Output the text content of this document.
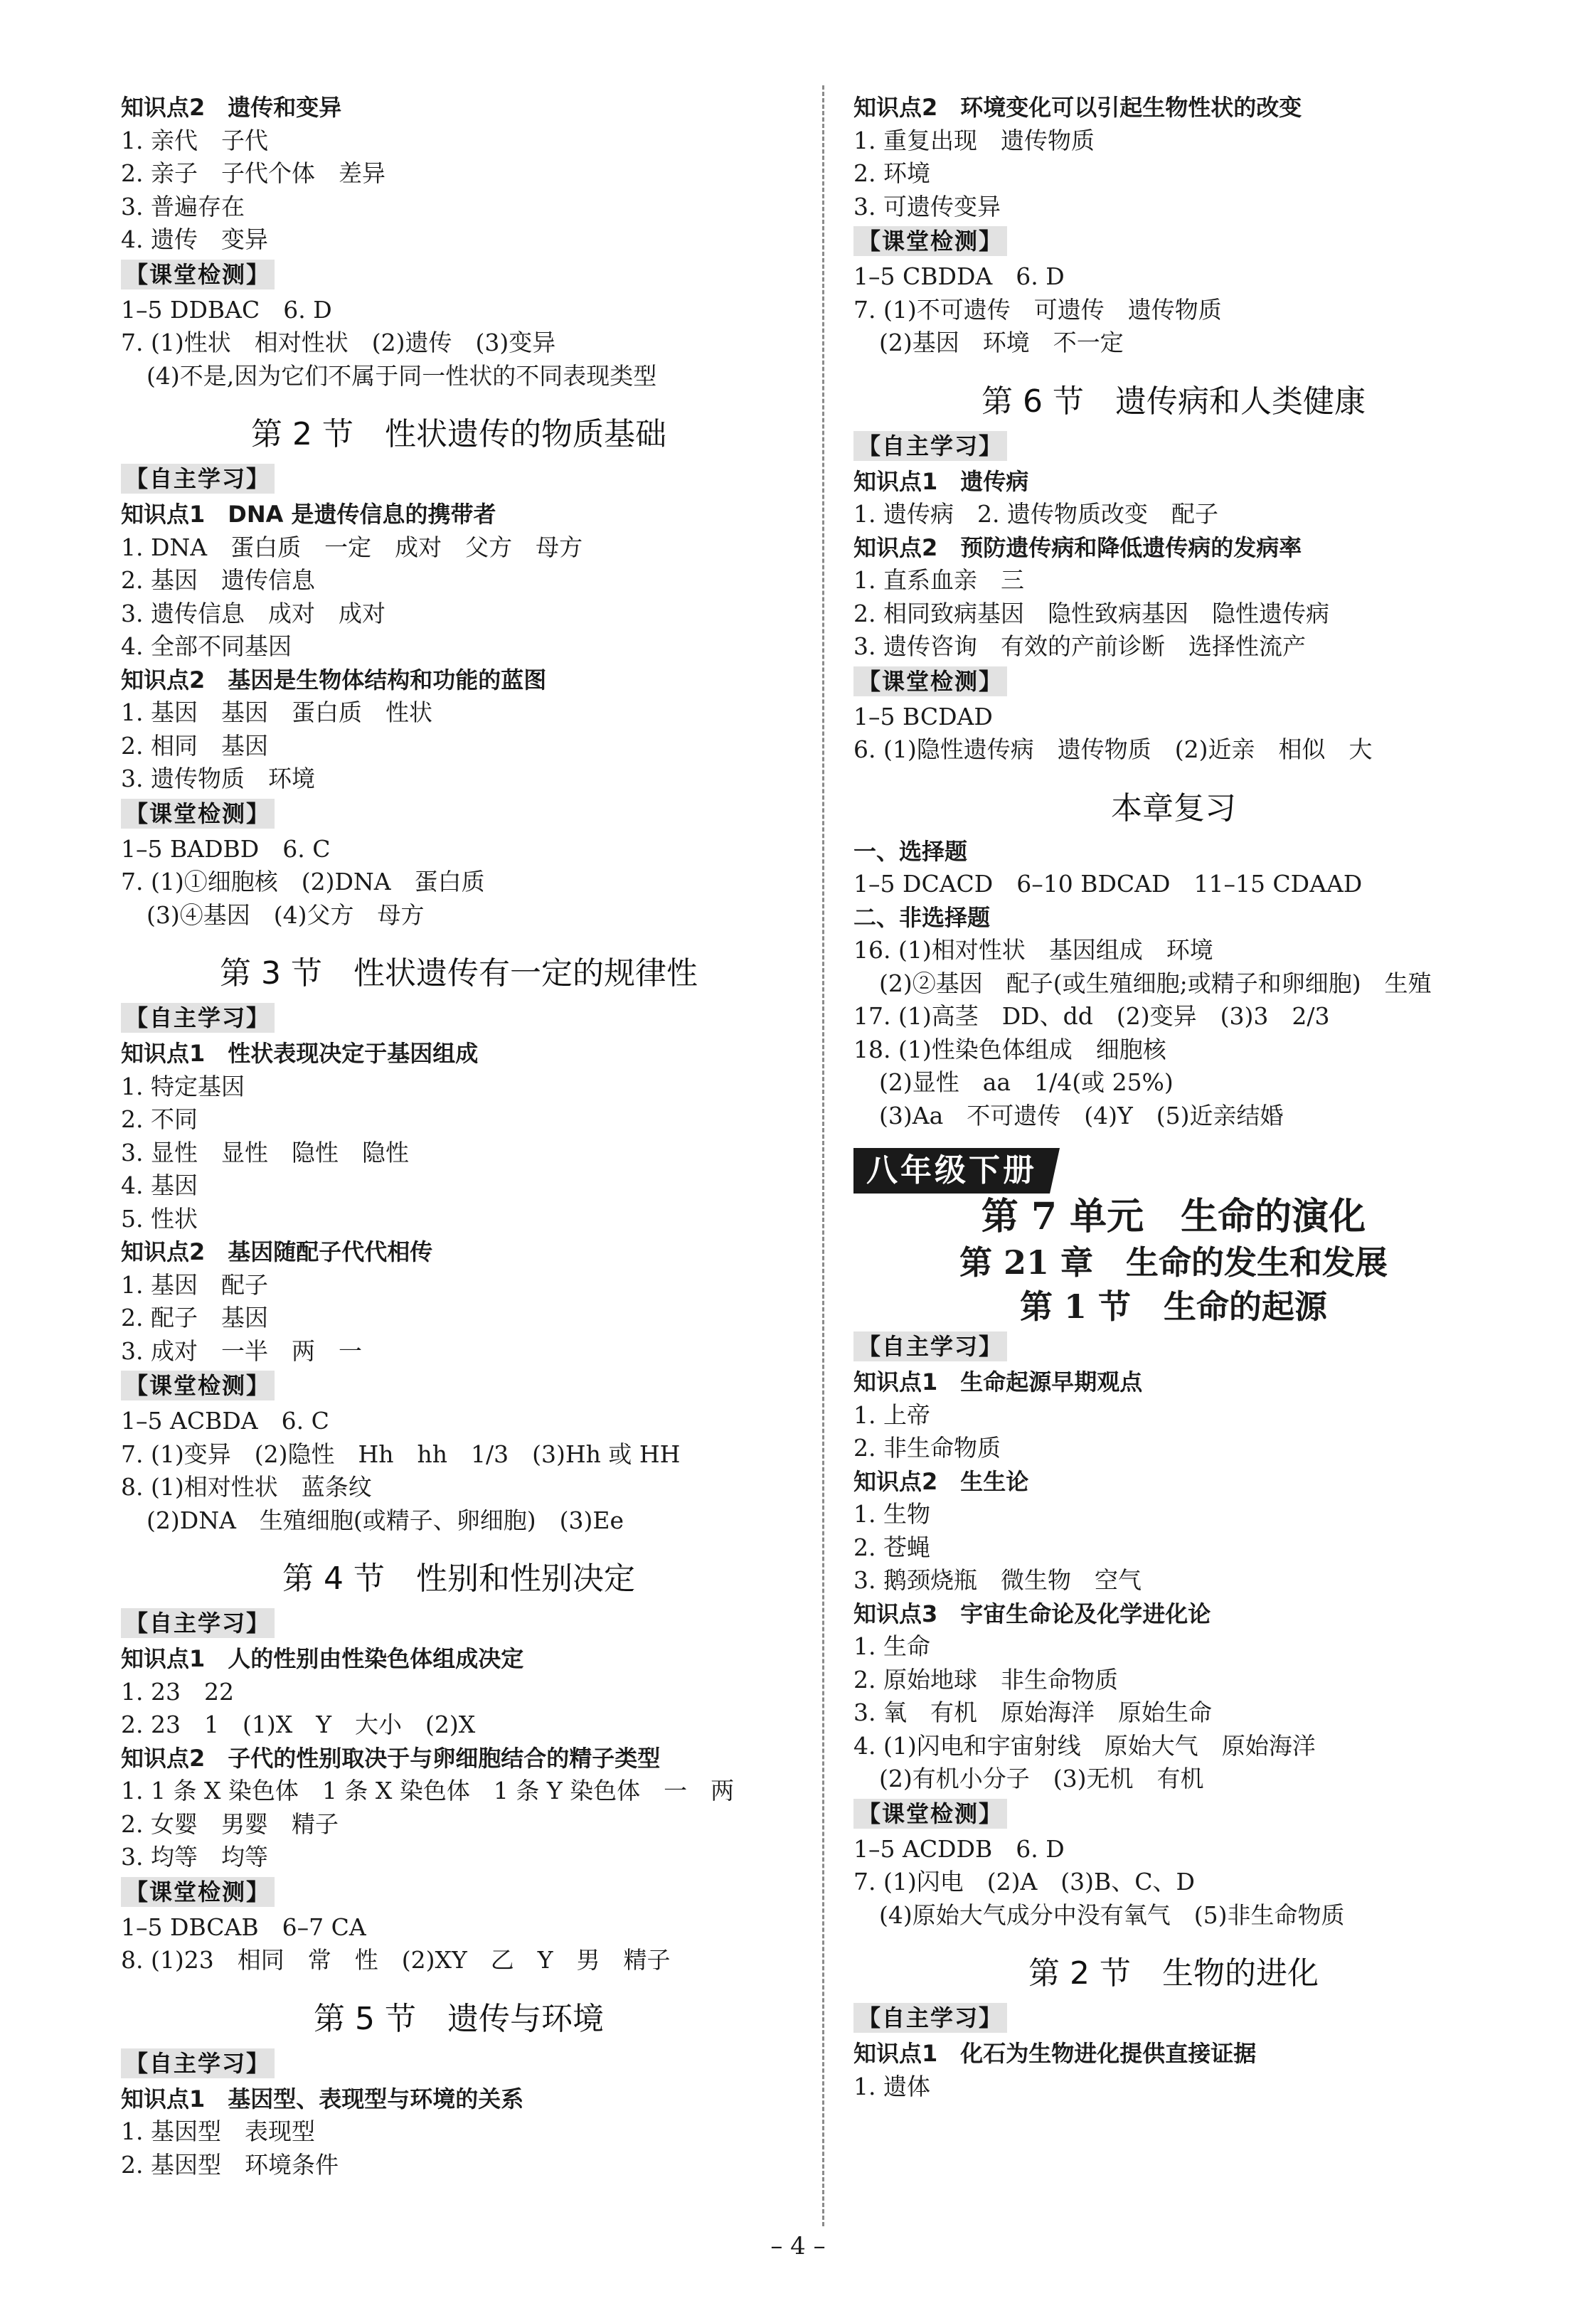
知识点2　遗传和变异
1. 亲代　子代
2. 亲子　子代个体　差异
3. 普遍存在
4. 遗传　变异
【课堂检测】
1–5 DDBAC　6. D
7. (1)性状　相对性状　(2)遗传　(3)变异
(4)不是,因为它们不属于同一性状的不同表现类型
第 2 节　性状遗传的物质基础
【自主学习】
知识点1　DNA 是遗传信息的携带者
1. DNA　蛋白质　一定　成对　父方　母方
2. 基因　遗传信息
3. 遗传信息　成对　成对
4. 全部不同基因
知识点2　基因是生物体结构和功能的蓝图
1. 基因　基因　蛋白质　性状
2. 相同　基因
3. 遗传物质　环境
【课堂检测】
1–5 BADBD　6. C
7. (1)①细胞核　(2)DNA　蛋白质
(3)④基因　(4)父方　母方
第 3 节　性状遗传有一定的规律性
【自主学习】
知识点1　性状表现决定于基因组成
1. 特定基因
2. 不同
3. 显性　显性　隐性　隐性
4. 基因
5. 性状
知识点2　基因随配子代代相传
1. 基因　配子
2. 配子　基因
3. 成对　一半　两　一
【课堂检测】
1–5 ACBDA　6. C
7. (1)变异　(2)隐性　Hh　hh　1/3　(3)Hh 或 HH
8. (1)相对性状　蓝条纹
(2)DNA　生殖细胞(或精子、卵细胞)　(3)Ee
第 4 节　性别和性别决定
【自主学习】
知识点1　人的性别由性染色体组成决定
1. 23　22
2. 23　1　(1)X　Y　大小　(2)X
知识点2　子代的性别取决于与卵细胞结合的精子类型
1. 1 条 X 染色体　1 条 X 染色体　1 条 Y 染色体　一　两
2. 女婴　男婴　精子
3. 均等　均等
【课堂检测】
1–5 DBCAB　6–7 CA
8. (1)23　相同　常　性　(2)XY　乙　Y　男　精子
第 5 节　遗传与环境
【自主学习】
知识点1　基因型、表现型与环境的关系
1. 基因型　表现型
2. 基因型　环境条件
知识点2　环境变化可以引起生物性状的改变
1. 重复出现　遗传物质
2. 环境
3. 可遗传变异
【课堂检测】
1–5 CBDDA　6. D
7. (1)不可遗传　可遗传　遗传物质
(2)基因　环境　不一定
第 6 节　遗传病和人类健康
【自主学习】
知识点1　遗传病
1. 遗传病　2. 遗传物质改变　配子
知识点2　预防遗传病和降低遗传病的发病率
1. 直系血亲　三
2. 相同致病基因　隐性致病基因　隐性遗传病
3. 遗传咨询　有效的产前诊断　选择性流产
【课堂检测】
1–5 BCDAD
6. (1)隐性遗传病　遗传物质　(2)近亲　相似　大
本章复习
一、选择题
1–5 DCACD　6–10 BDCAD　11–15 CDAAD
二、非选择题
16. (1)相对性状　基因组成　环境
(2)②基因　配子(或生殖细胞;或精子和卵细胞)　生殖
17. (1)高茎　DD、dd　(2)变异　(3)3　2/3
18. (1)性染色体组成　细胞核
(2)显性　aa　1/4(或 25%)
(3)Aa　不可遗传　(4)Y　(5)近亲结婚
八年级下册
第 7 单元　生命的演化
第 21 章　生命的发生和发展
第 1 节　生命的起源
【自主学习】
知识点1　生命起源早期观点
1. 上帝
2. 非生命物质
知识点2　生生论
1. 生物
2. 苍蝇
3. 鹅颈烧瓶　微生物　空气
知识点3　宇宙生命论及化学进化论
1. 生命
2. 原始地球　非生命物质
3. 氧　有机　原始海洋　原始生命
4. (1)闪电和宇宙射线　原始大气　原始海洋
(2)有机小分子　(3)无机　有机
【课堂检测】
1–5 ACDDB　6. D
7. (1)闪电　(2)A　(3)B、C、D
(4)原始大气成分中没有氧气　(5)非生命物质
第 2 节　生物的进化
【自主学习】
知识点1　化石为生物进化提供直接证据
1. 遗体
– 4 –
